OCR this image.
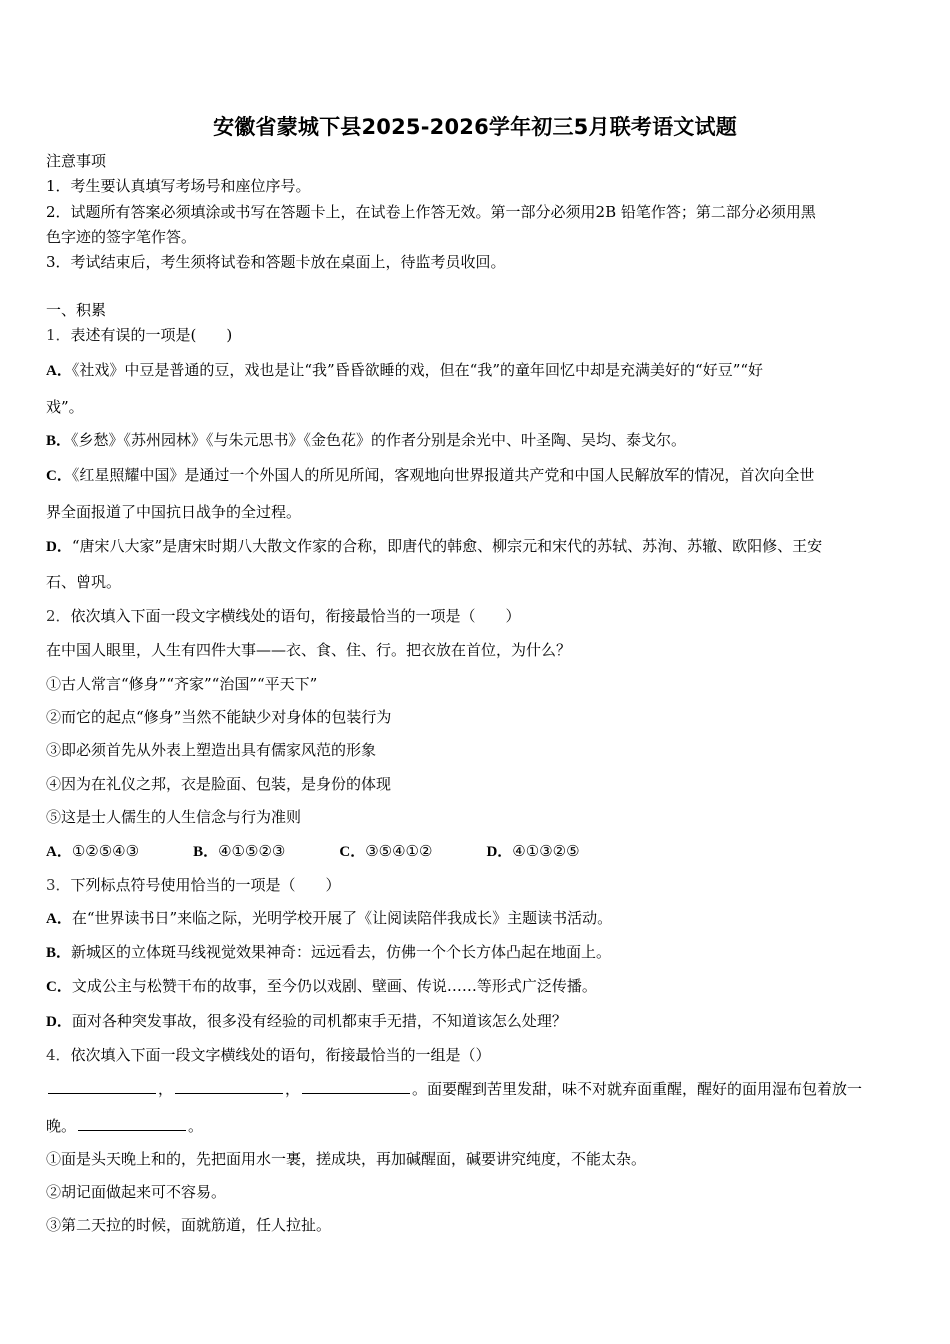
安徽省蒙城下县2025-2026学年初三5月联考语文试题
注意事项
1．考生要认真填写考场号和座位序号。
2．试题所有答案必须填涂或书写在答题卡上，在试卷上作答无效。第一部分必须用2B 铅笔作答；第二部分必须用黑
色字迹的签字笔作答。
3．考试结束后，考生须将试卷和答题卡放在桌面上，待监考员收回。
一、积累
1．表述有误的一项是(　　)
A．《社戏》中豆是普通的豆，戏也是让“我”昏昏欲睡的戏，但在“我”的童年回忆中却是充满美好的“好豆”“好
戏”。
B．《乡愁》《苏州园林》《与朱元思书》《金色花》的作者分别是余光中、叶圣陶、吴均、泰戈尔。
C．《红星照耀中国》是通过一个外国人的所见所闻，客观地向世界报道共产党和中国人民解放军的情况，首次向全世
界全面报道了中国抗日战争的全过程。
D．“唐宋八大家”是唐宋时期八大散文作家的合称，即唐代的韩愈、柳宗元和宋代的苏轼、苏洵、苏辙、欧阳修、王安
石、曾巩。
2．依次填入下面一段文字横线处的语句，衔接最恰当的一项是（　　）
在中国人眼里，人生有四件大事——衣、食、住、行。把衣放在首位，为什么？
①古人常言“修身”“齐家”“治国”“平天下”
②而它的起点“修身”当然不能缺少对身体的包装行为
③即必须首先从外表上塑造出具有儒家风范的形象
④因为在礼仪之邦，衣是脸面、包装，是身份的体现
⑤这是士人儒生的人生信念与行为准则
A．①②⑤④③	B．④①⑤②③	C．③⑤④①②	D．④①③②⑤
3．下列标点符号使用恰当的一项是（　　）
A．在“世界读书日”来临之际，光明学校开展了《让阅读陪伴我成长》主题读书活动。
B．新城区的立体斑马线视觉效果神奇：远远看去，仿佛一个个长方体凸起在地面上。
C．文成公主与松赞干布的故事，至今仍以戏剧、壁画、传说……等形式广泛传播。
D．面对各种突发事故，很多没有经验的司机都束手无措，不知道该怎么处理？
4．依次填入下面一段文字横线处的语句，衔接最恰当的一组是（）
，	，	。面要醒到苦里发甜，味不对就弃面重醒，醒好的面用湿布包着放一
晚。	。
①面是头天晚上和的，先把面用水一裹，搓成块，再加碱醒面，碱要讲究纯度，不能太杂。
②胡记面做起来可不容易。
③第二天拉的时候，面就筋道，任人拉扯。
